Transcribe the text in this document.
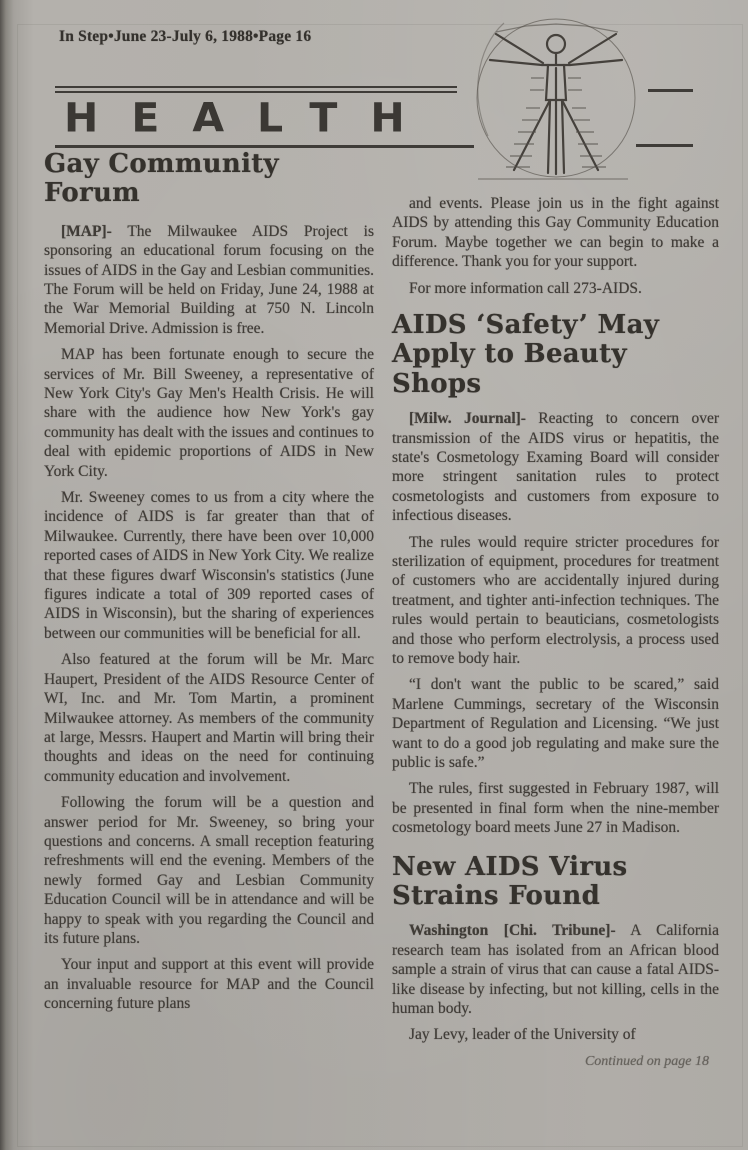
In Step•June 23-July 6, 1988•Page 16
HEALTH
Gay Community Forum

[MAP]- The Milwaukee AIDS Project is sponsoring an educational forum focusing on the issues of AIDS in the Gay and Lesbian communities. The Forum will be held on Friday, June 24, 1988 at the War Memorial Building at 750 N. Lincoln Memorial Drive. Admission is free.

MAP has been fortunate enough to secure the services of Mr. Bill Sweeney, a representative of New York City's Gay Men's Health Crisis. He will share with the audience how New York's gay community has dealt with the issues and continues to deal with epidemic proportions of AIDS in New York City.

Mr. Sweeney comes to us from a city where the incidence of AIDS is far greater than that of Milwaukee. Currently, there have been over 10,000 reported cases of AIDS in New York City. We realize that these figures dwarf Wisconsin's statistics (June figures indicate a total of 309 reported cases of AIDS in Wisconsin), but the sharing of experiences between our communities will be beneficial for all.

Also featured at the forum will be Mr. Marc Haupert, President of the AIDS Resource Center of WI, Inc. and Mr. Tom Martin, a prominent Milwaukee attorney. As members of the community at large, Messrs. Haupert and Martin will bring their thoughts and ideas on the need for continuing community education and involvement.

Following the forum will be a question and answer period for Mr. Sweeney, so bring your questions and concerns. A small reception featuring refreshments will end the evening. Members of the newly formed Gay and Lesbian Community Education Council will be in attendance and will be happy to speak with you regarding the Council and its future plans.

Your input and support at this event will provide an invaluable resource for MAP and the Council concerning future plans

and events. Please join us in the fight against AIDS by attending this Gay Community Education Forum. Maybe together we can begin to make a difference. Thank you for your support.

For more information call 273-AIDS.

AIDS ‘Safety’ May Apply to Beauty Shops

[Milw. Journal]- Reacting to concern over transmission of the AIDS virus or hepatitis, the state's Cosmetology Examing Board will consider more stringent sanitation rules to protect cosmetologists and customers from exposure to infectious diseases.

The rules would require stricter procedures for sterilization of equipment, procedures for treatment of customers who are accidentally injured during treatment, and tighter anti-infection techniques. The rules would pertain to beauticians, cosmetologists and those who perform electrolysis, a process used to remove body hair.

“I don't want the public to be scared,” said Marlene Cummings, secretary of the Wisconsin Department of Regulation and Licensing. “We just want to do a good job regulating and make sure the public is safe.”

The rules, first suggested in February 1987, will be presented in final form when the nine-member cosmetology board meets June 27 in Madison.

New AIDS Virus Strains Found

Washington [Chi. Tribune]- A California research team has isolated from an African blood sample a strain of virus that can cause a fatal AIDS-like disease by infecting, but not killing, cells in the human body.

Jay Levy, leader of the University of

Continued on page 18
